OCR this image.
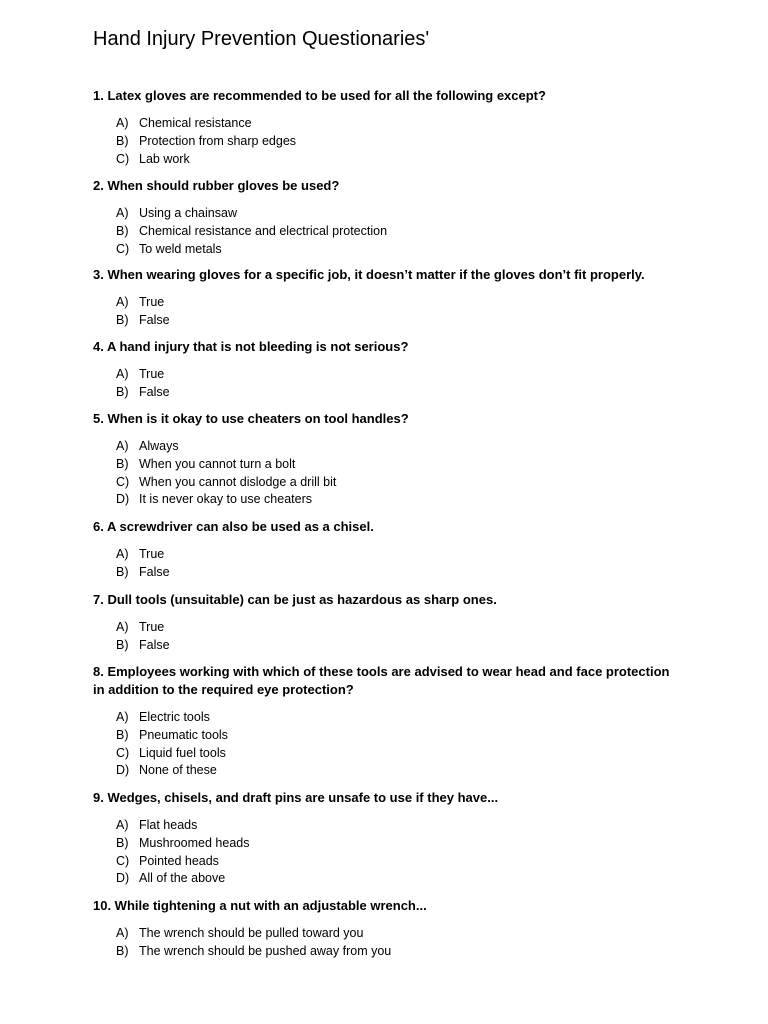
Hand Injury Prevention Questionaries'

1. Latex gloves are recommended to be used for all the following except?

A) Chemical resistance
B) Protection from sharp edges
C) Lab work

2. When should rubber gloves be used?

A) Using a chainsaw
B) Chemical resistance and electrical protection
C) To weld metals

3. When wearing gloves for a specific job, it doesn’t matter if the gloves don’t fit properly.

A) True
B) False

4. A hand injury that is not bleeding is not serious?

A) True
B) False

5. When is it okay to use cheaters on tool handles?

A) Always
B) When you cannot turn a bolt
C) When you cannot dislodge a drill bit
D) It is never okay to use cheaters

6. A screwdriver can also be used as a chisel.

A) True
B) False

7. Dull tools (unsuitable) can be just as hazardous as sharp ones.

A) True
B) False

8. Employees working with which of these tools are advised to wear head and face protection in addition to the required eye protection?

A) Electric tools
B) Pneumatic tools
C) Liquid fuel tools
D) None of these

9. Wedges, chisels, and draft pins are unsafe to use if they have...

A) Flat heads
B) Mushroomed heads
C) Pointed heads
D) All of the above

10. While tightening a nut with an adjustable wrench...

A) The wrench should be pulled toward you
B) The wrench should be pushed away from you
